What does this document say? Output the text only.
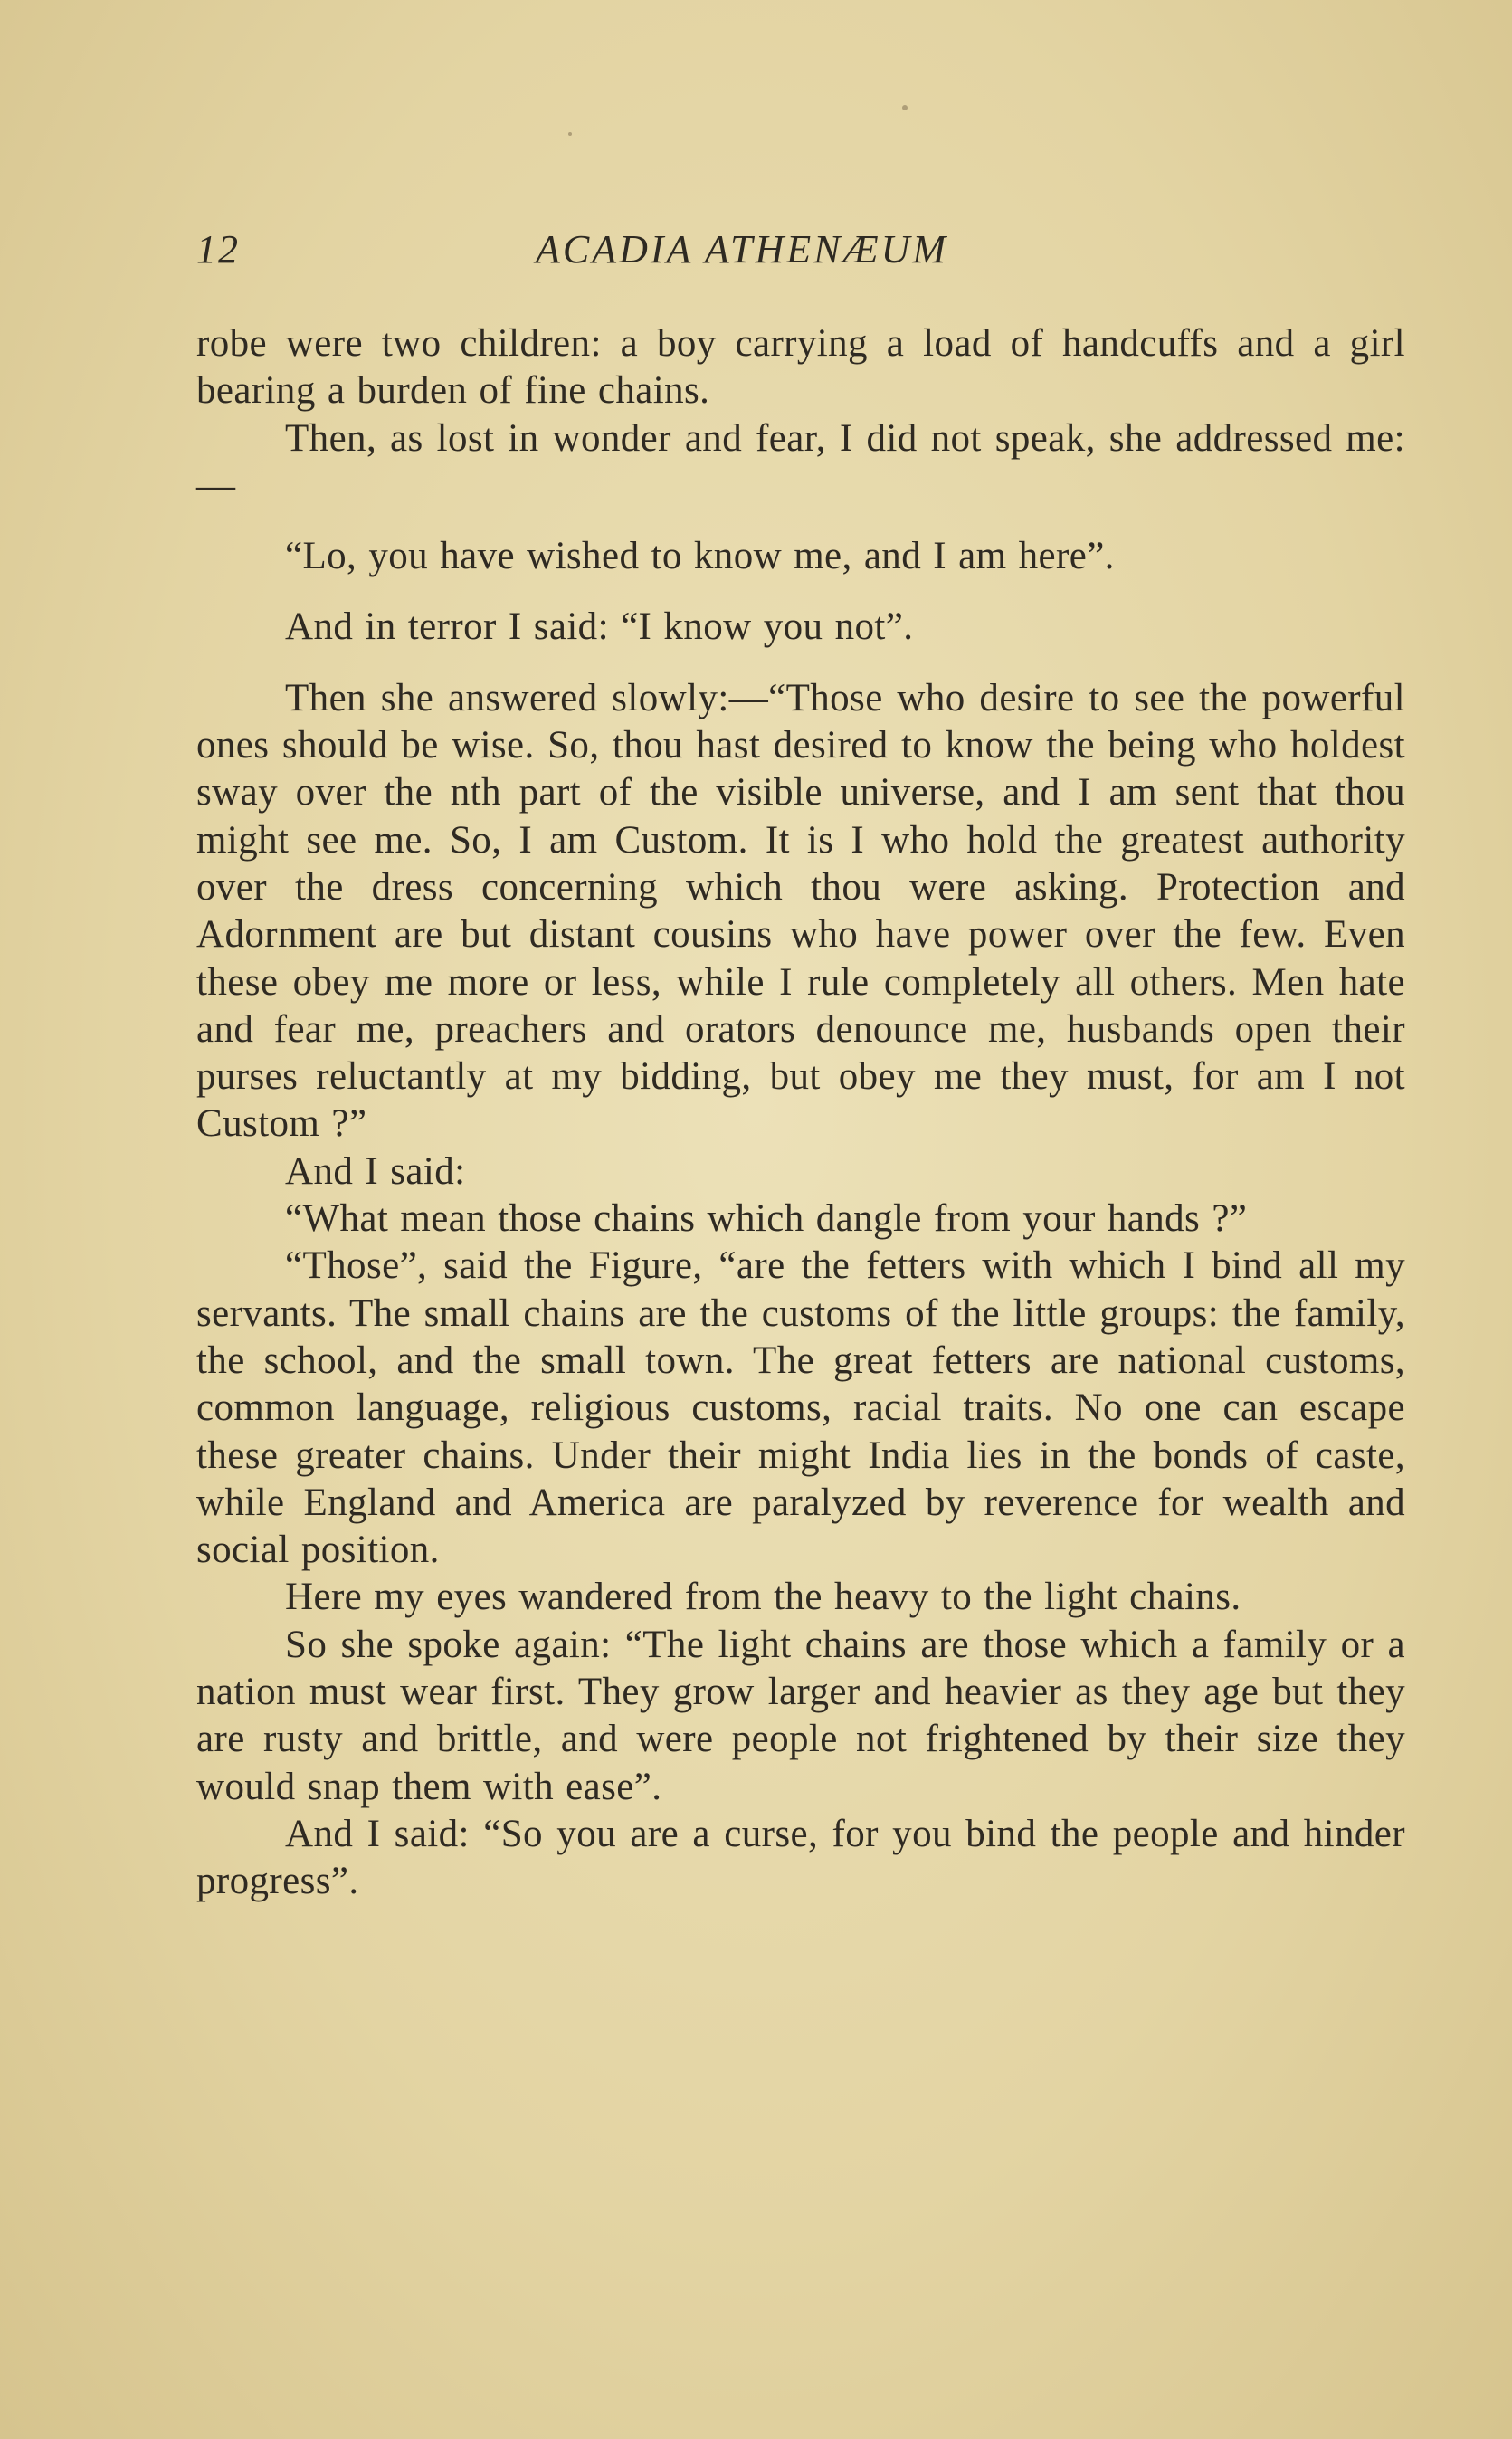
12	ACADIA ATHENÆUM

robe were two children: a boy carrying a load of handcuffs and a girl bearing a burden of fine chains.

Then, as lost in wonder and fear, I did not speak, she addressed me:—

“Lo, you have wished to know me, and I am here”.

And in terror I said: “I know you not”.

Then she answered slowly:—“Those who desire to see the powerful ones should be wise. So, thou hast desired to know the being who holdest sway over the nth part of the visible universe, and I am sent that thou might see me. So, I am Custom. It is I who hold the greatest authority over the dress concerning which thou were asking. Protection and Adornment are but distant cousins who have power over the few. Even these obey me more or less, while I rule completely all others. Men hate and fear me, preachers and orators denounce me, husbands open their purses reluctantly at my bidding, but obey me they must, for am I not Custom ?”

And I said:

“What mean those chains which dangle from your hands ?”

“Those”, said the Figure, “are the fetters with which I bind all my servants. The small chains are the customs of the little groups: the family, the school, and the small town. The great fetters are national customs, common language, religious customs, racial traits. No one can escape these greater chains. Under their might India lies in the bonds of caste, while England and America are paralyzed by reverence for wealth and social position.

Here my eyes wandered from the heavy to the light chains.

So she spoke again: “The light chains are those which a family or a nation must wear first. They grow larger and heavier as they age but they are rusty and brittle, and were people not frightened by their size they would snap them with ease”.

And I said: “So you are a curse, for you bind the people and hinder progress”.
